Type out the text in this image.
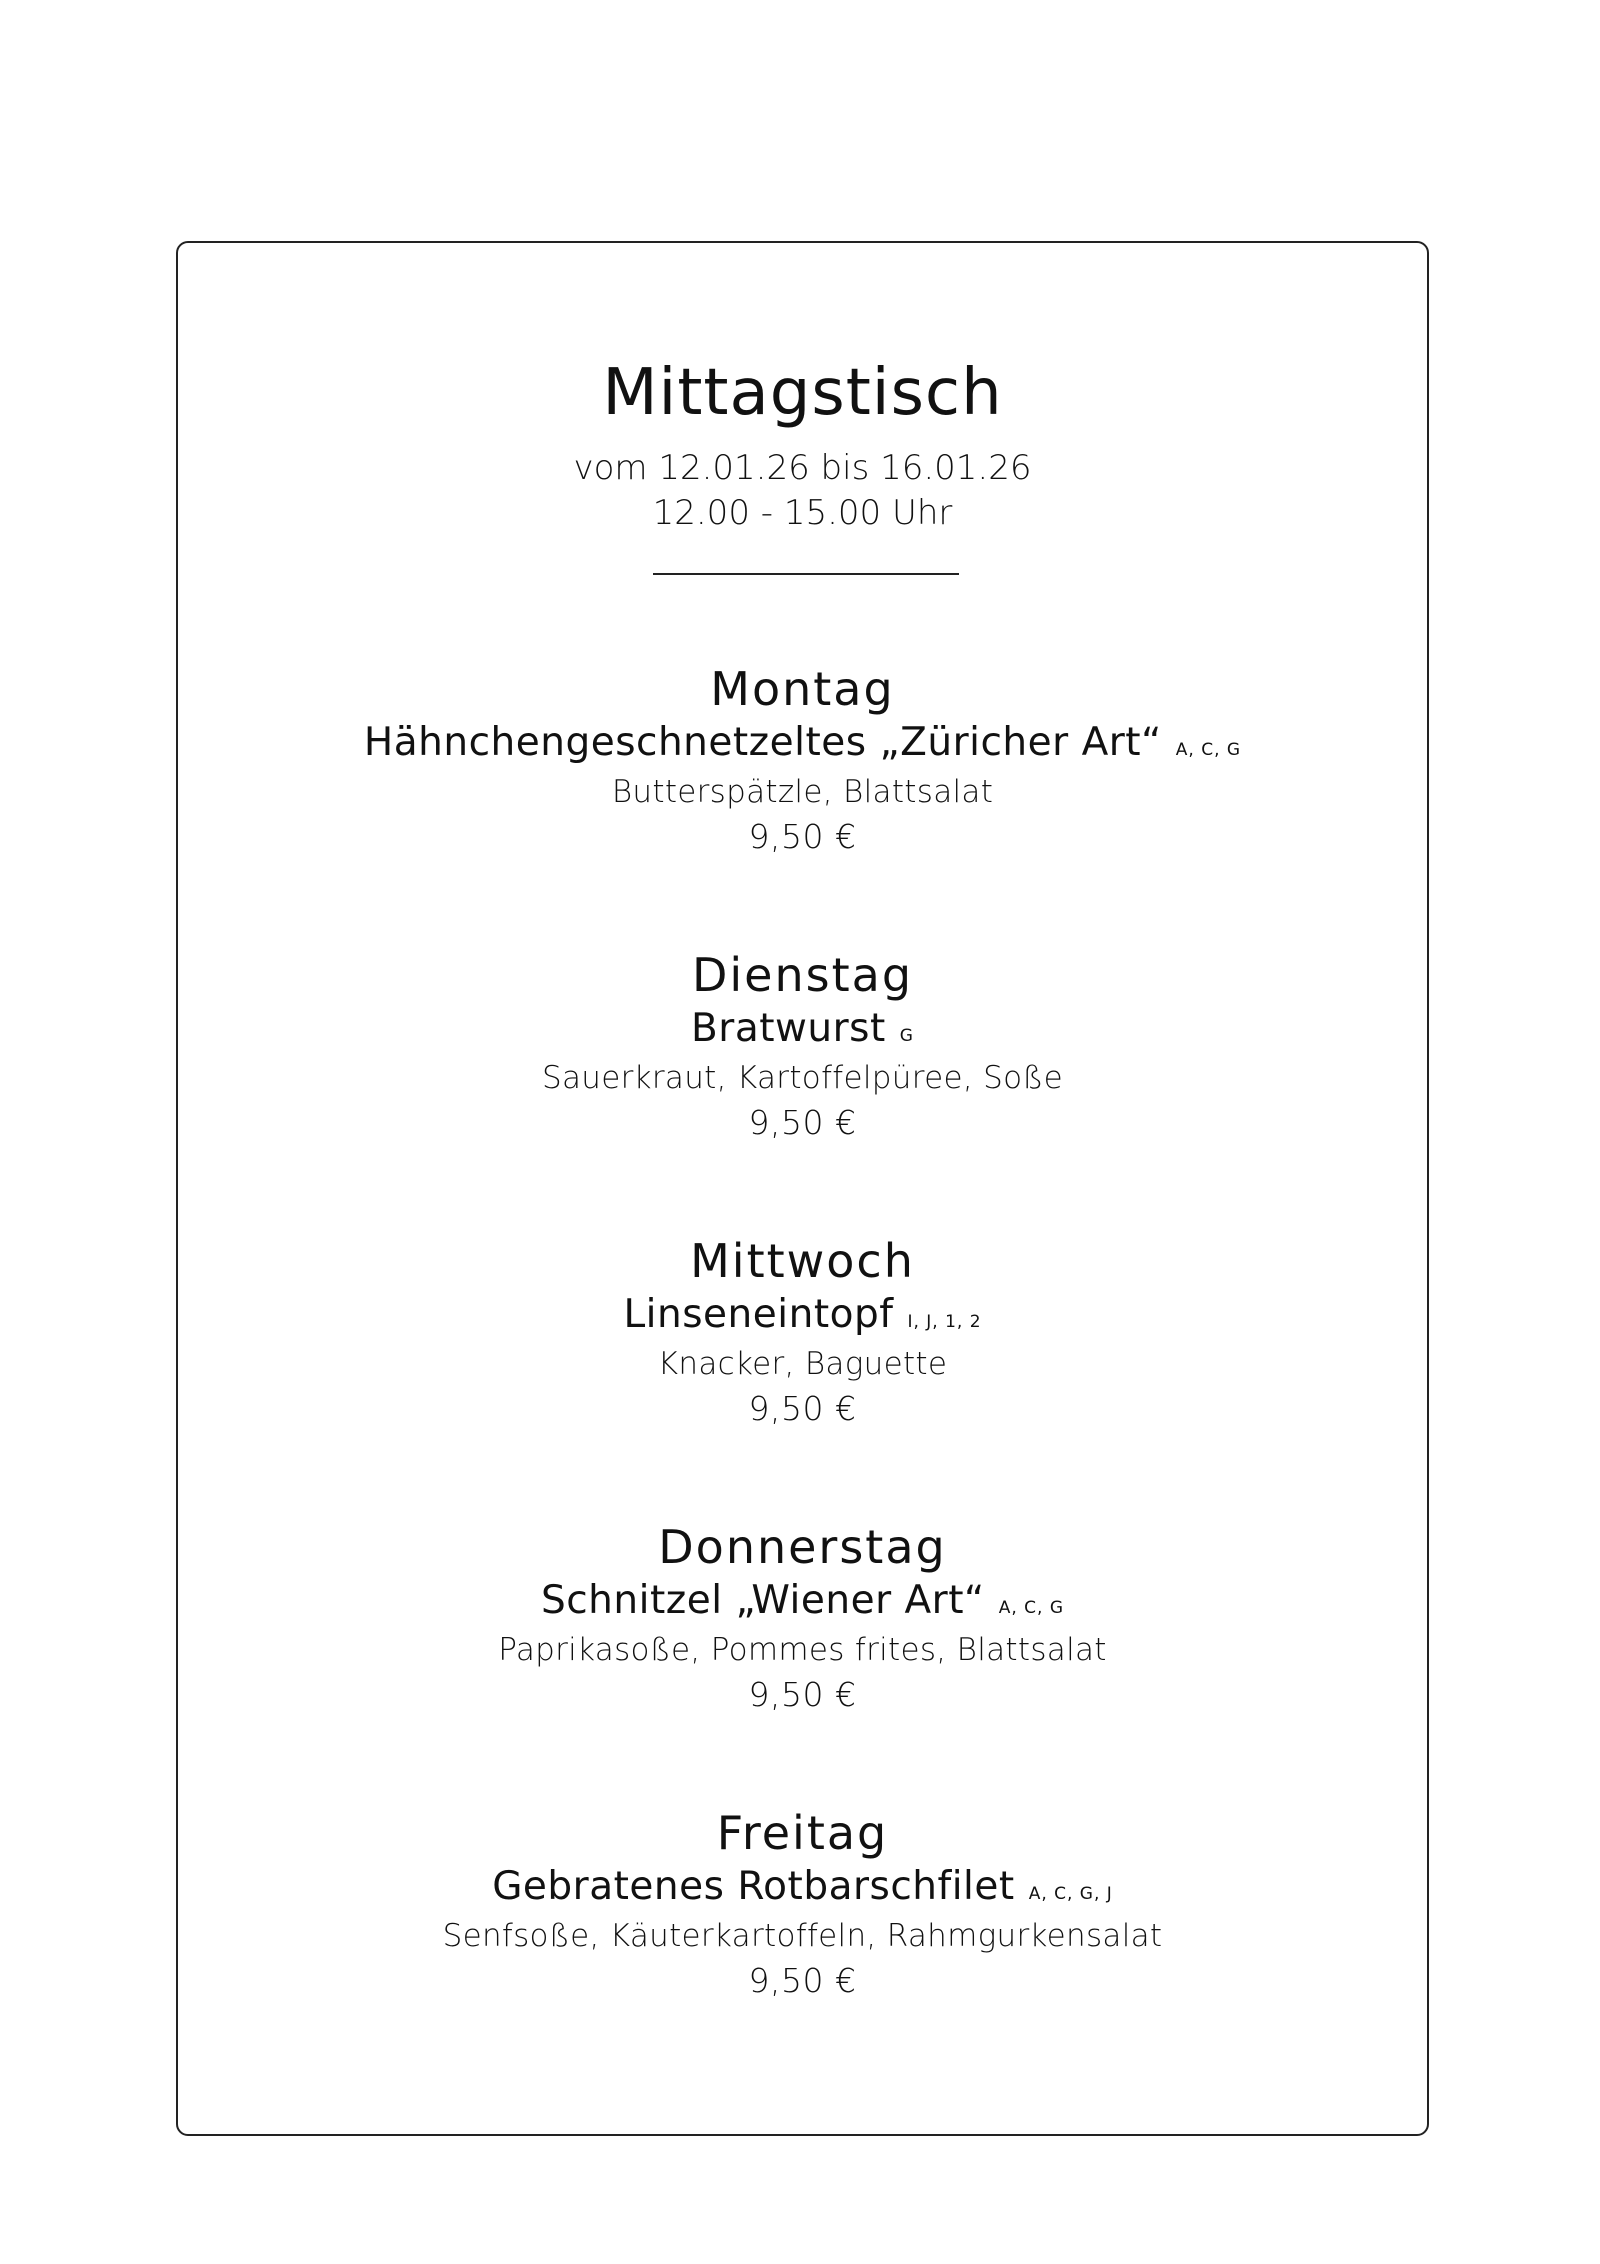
Mittagstisch
vom 12.01.26 bis 16.01.26
12.00 - 15.00 Uhr
Montag
Hähnchengeschnetzeltes „Züricher Art“ A, C, G
Butterspätzle, Blattsalat
9,50 €
Dienstag
Bratwurst G
Sauerkraut, Kartoffelpüree, Soße
9,50 €
Mittwoch
Linseneintopf I, J, 1, 2
Knacker, Baguette
9,50 €
Donnerstag
Schnitzel „Wiener Art“ A, C, G
Paprikasoße, Pommes frites, Blattsalat
9,50 €
Freitag
Gebratenes Rotbarschfilet A, C, G, J
Senfsoße, Käuterkartoffeln, Rahmgurkensalat
9,50 €
